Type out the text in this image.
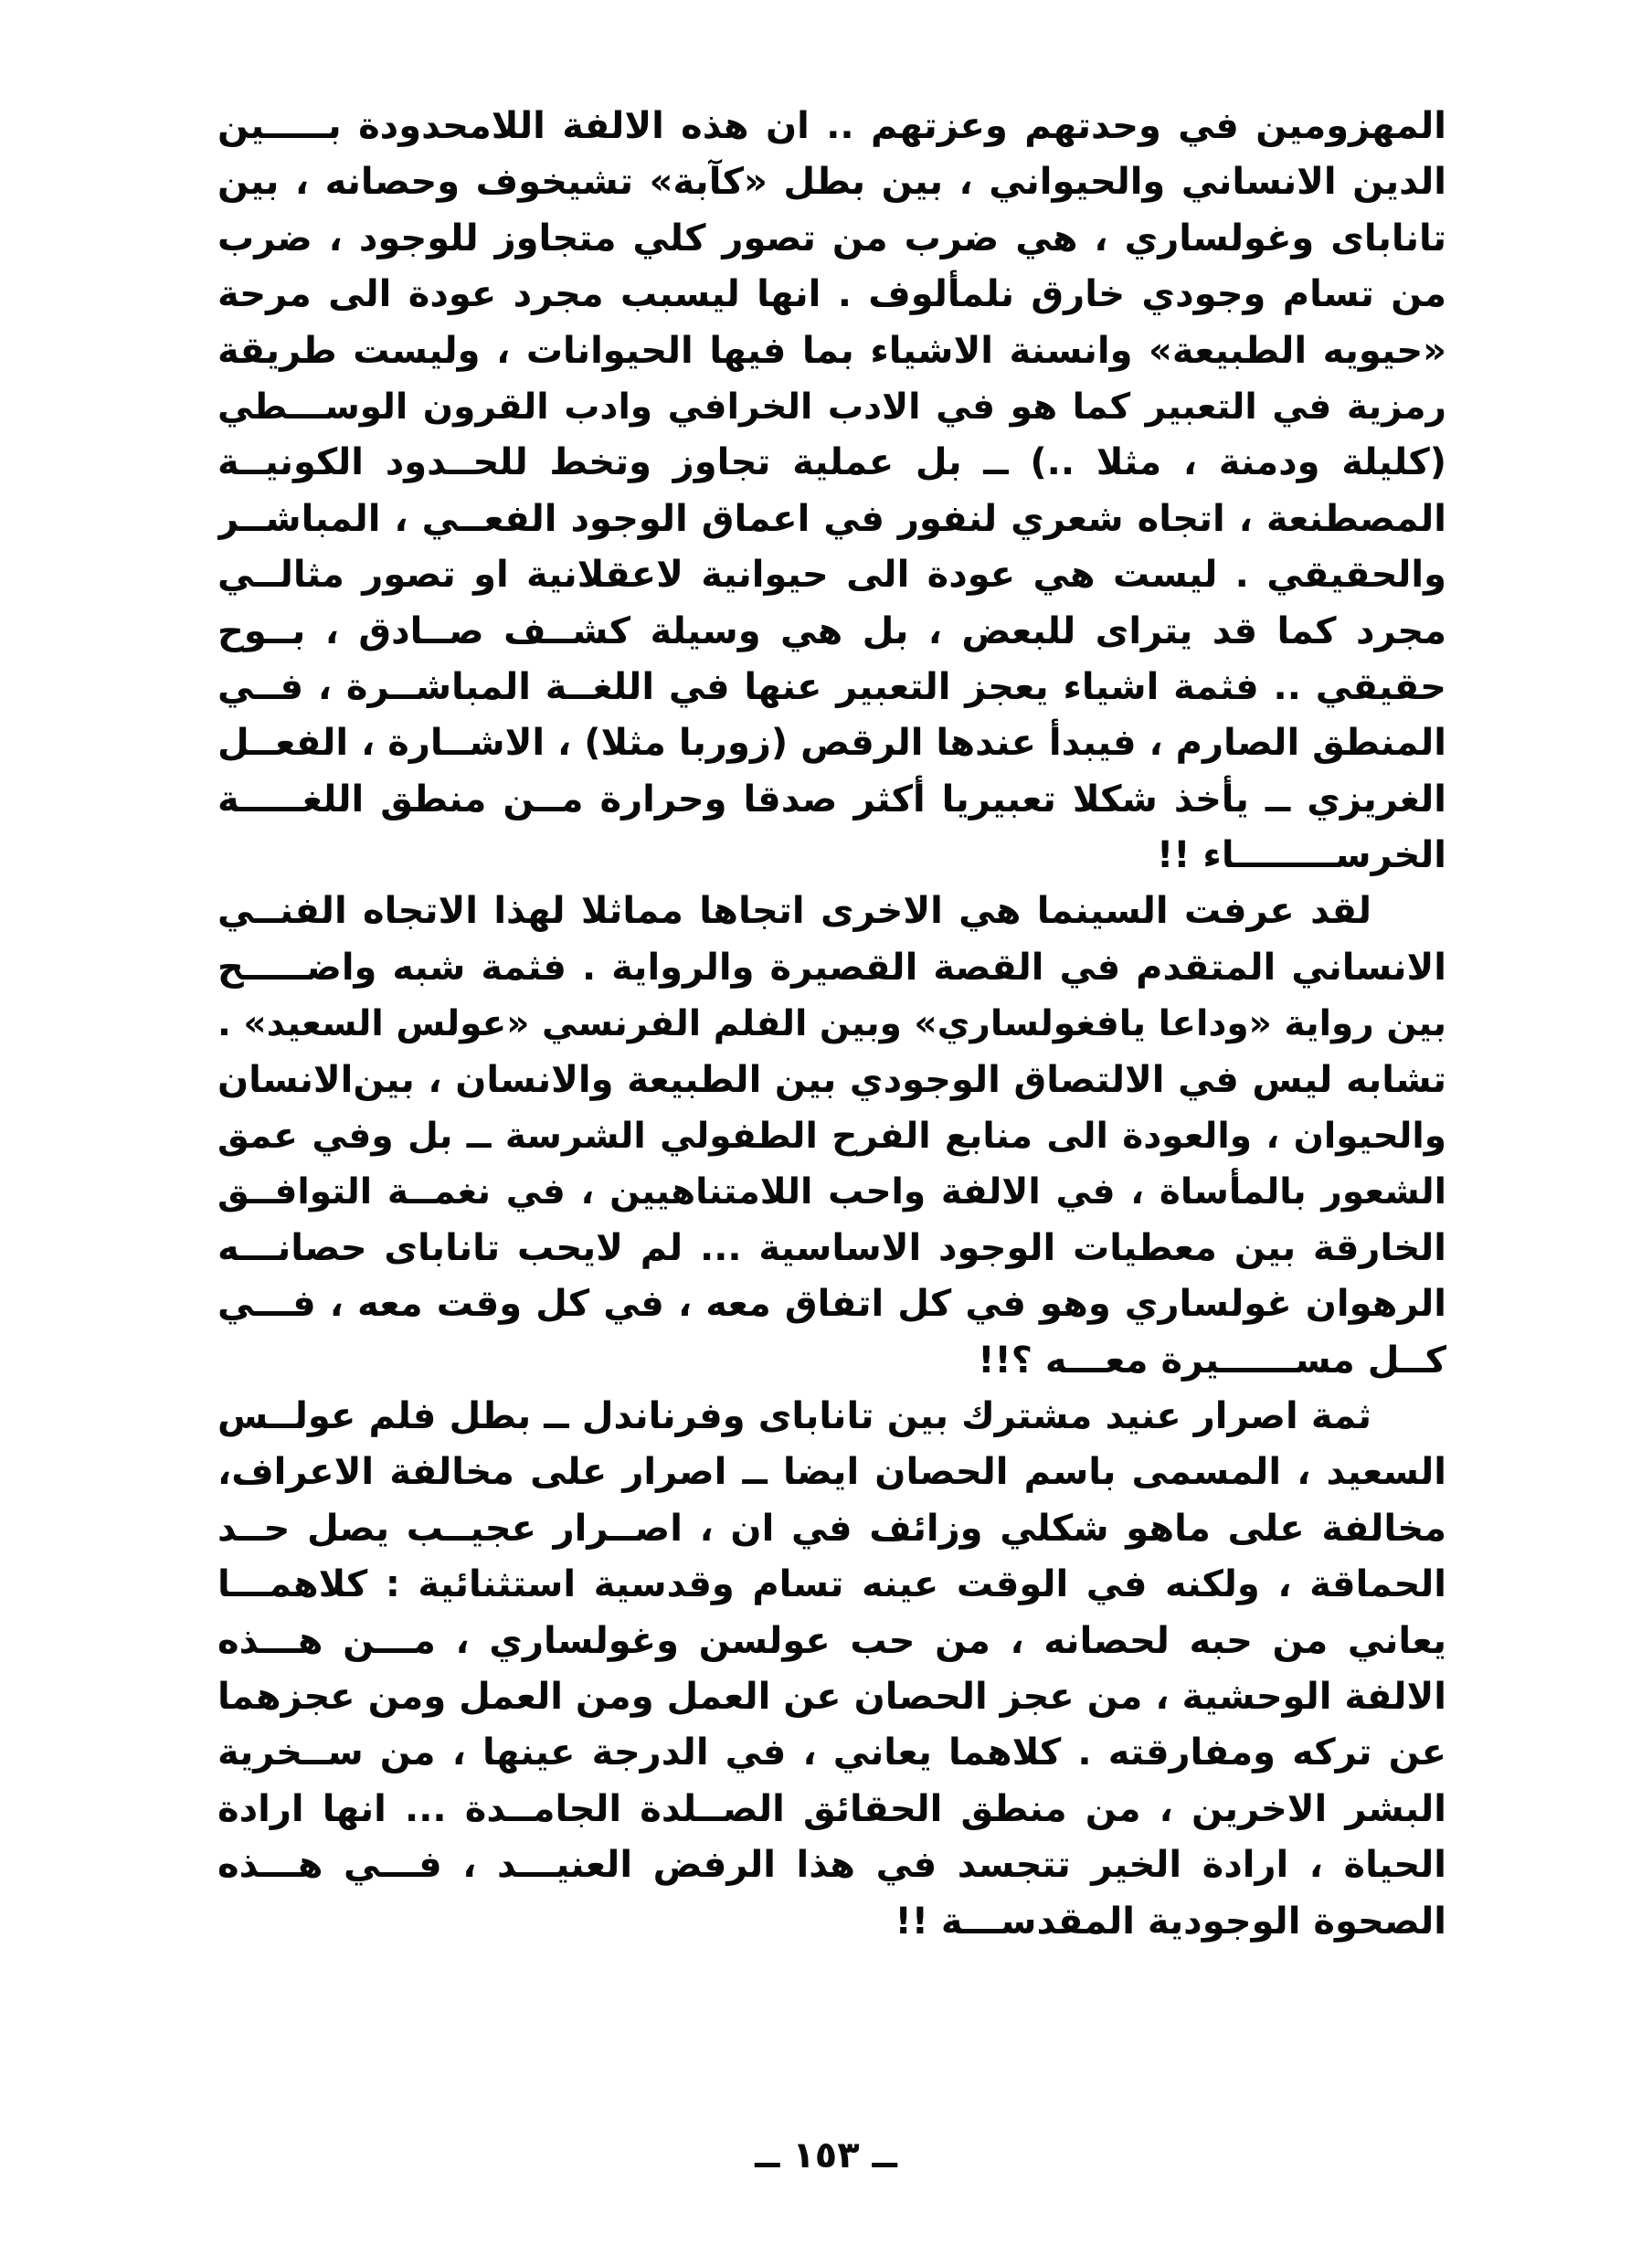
المهزومين في وحدتهم وعزتهم .. ان هذه الالفة اللامحدودة بـــــين
الدين الانساني والحيواني ، بين بطل «كآبة» تشيخوف وحصانه ، بين
تانابای وغولساري ، هي ضرب من تصور كلي متجاوز للوجود ، ضرب
من تسام وجودي خارق نلمألوف . انها ليسبب مجرد عودة الى مرحة
«حيويه الطبيعة» وانسنة الاشياء بما فيها الحيوانات ، وليست طريقة
رمزية في التعبير كما هو في الادب الخرافي وادب القرون الوســـطي
(كليلة ودمنة ، مثلا ..) ــ بل عملية تجاوز وتخط للحــدود الكونيــة
المصطنعة ، اتجاه شعري لنفور في اعماق الوجود الفعــي ، المباشــر
والحقيقي . ليست هي عودة الى حيوانية لاعقلانية او تصور مثالــي
مجرد كما قد يتراى للبعض ، بل هي وسيلة كشــف صــادق ، بــوح
حقيقي .. فثمة اشياء يعجز التعبير عنها في اللغــة المباشــرة ، فــي
المنطق الصارم ، فيبدأ عندها الرقص (زوربا مثلا) ، الاشــارة ، الفعــل
الغريزي ــ يأخذ شكلا تعبيريا أكثر صدقا وحرارة مــن منطق اللغـــــة
الخرســــــــاء !!
لقد عرفت السينما هي الاخرى اتجاها مماثلا لهذا الاتجاه الفنــي
الانساني المتقدم في القصة القصيرة والرواية . فثمة شبه واضـــــح
بين رواية «وداعا يافغولساري» وبين الفلم الفرنسي «عولس السعيد» .
تشابه ليس في الالتصاق الوجودي بين الطبيعة والانسان ، بين‌الانسان
والحيوان ، والعودة الى منابع الفرح الطفولي الشرسة ــ بل وفي عمق
الشعور بالمأساة ، في الالفة واحب اللامتناهيين ، في نغمــة التوافــق
الخارقة بين معطيات الوجود الاساسية ... لم لايحب تانابای حصانـــه
الرهوان غولساري وهو في كل اتفاق معه ، في كل وقت معه ، فـــي
كــل مســــــيرة معـــه ؟!!
ثمة اصرار عنيد مشترك بين تانابای وفرناندل ــ بطل فلم عولــس
السعيد ، المسمى باسم الحصان ايضا ــ اصرار على مخالفة الاعراف،
مخالفة على ماهو شكلي وزائف في ان ، اصــرار عجيــب يصل حــد
الحماقة ، ولكنه في الوقت عينه تسام وقدسية استثنائية : كلاهمـــا
يعاني من حبه لحصانه ، من حب عولسن وغولساري ، مـــن هـــذه
الالفة الوحشية ، من عجز الحصان عن العمل ومن العمل ومن عجزهما
عن تركه ومفارقته . كلاهما يعاني ، في الدرجة عينها ، من ســخرية
البشر الاخرين ، من منطق الحقائق الصــلدة الجامــدة ... انها ارادة
الحياة ، ارادة الخير تتجسد في هذا الرفض العنيـــد ، فـــي هـــذه
الصحوة الوجودية المقدســـة !!
ــ ١٥٣ ــ
